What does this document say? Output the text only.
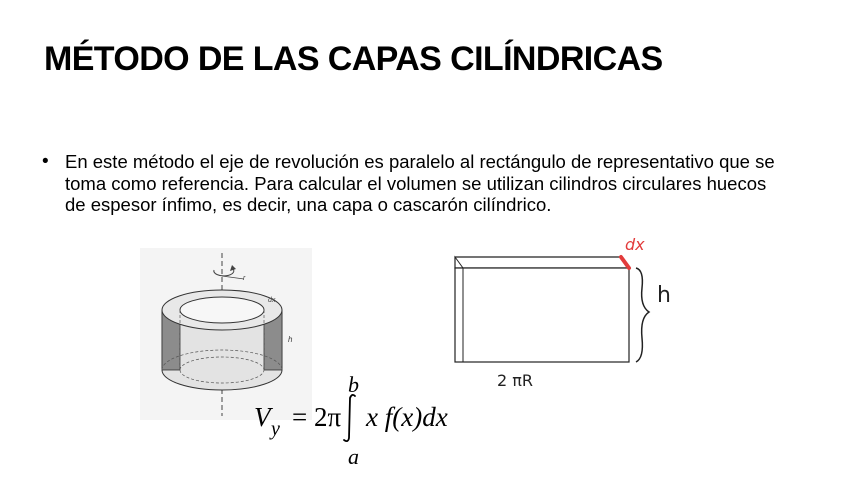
MÉTODO DE LAS CAPAS CILÍNDRICAS
• En este método el eje de revolución es paralelo al rectángulo de representativo que se toma como referencia. Para calcular el volumen se utilizan cilindros circulares huecos de espesor ínfimo, es decir, una capa o cascarón cilíndrico.
r
dx
h
dx
h
2 πR
b
V y = 2π x f(x)dx
a
